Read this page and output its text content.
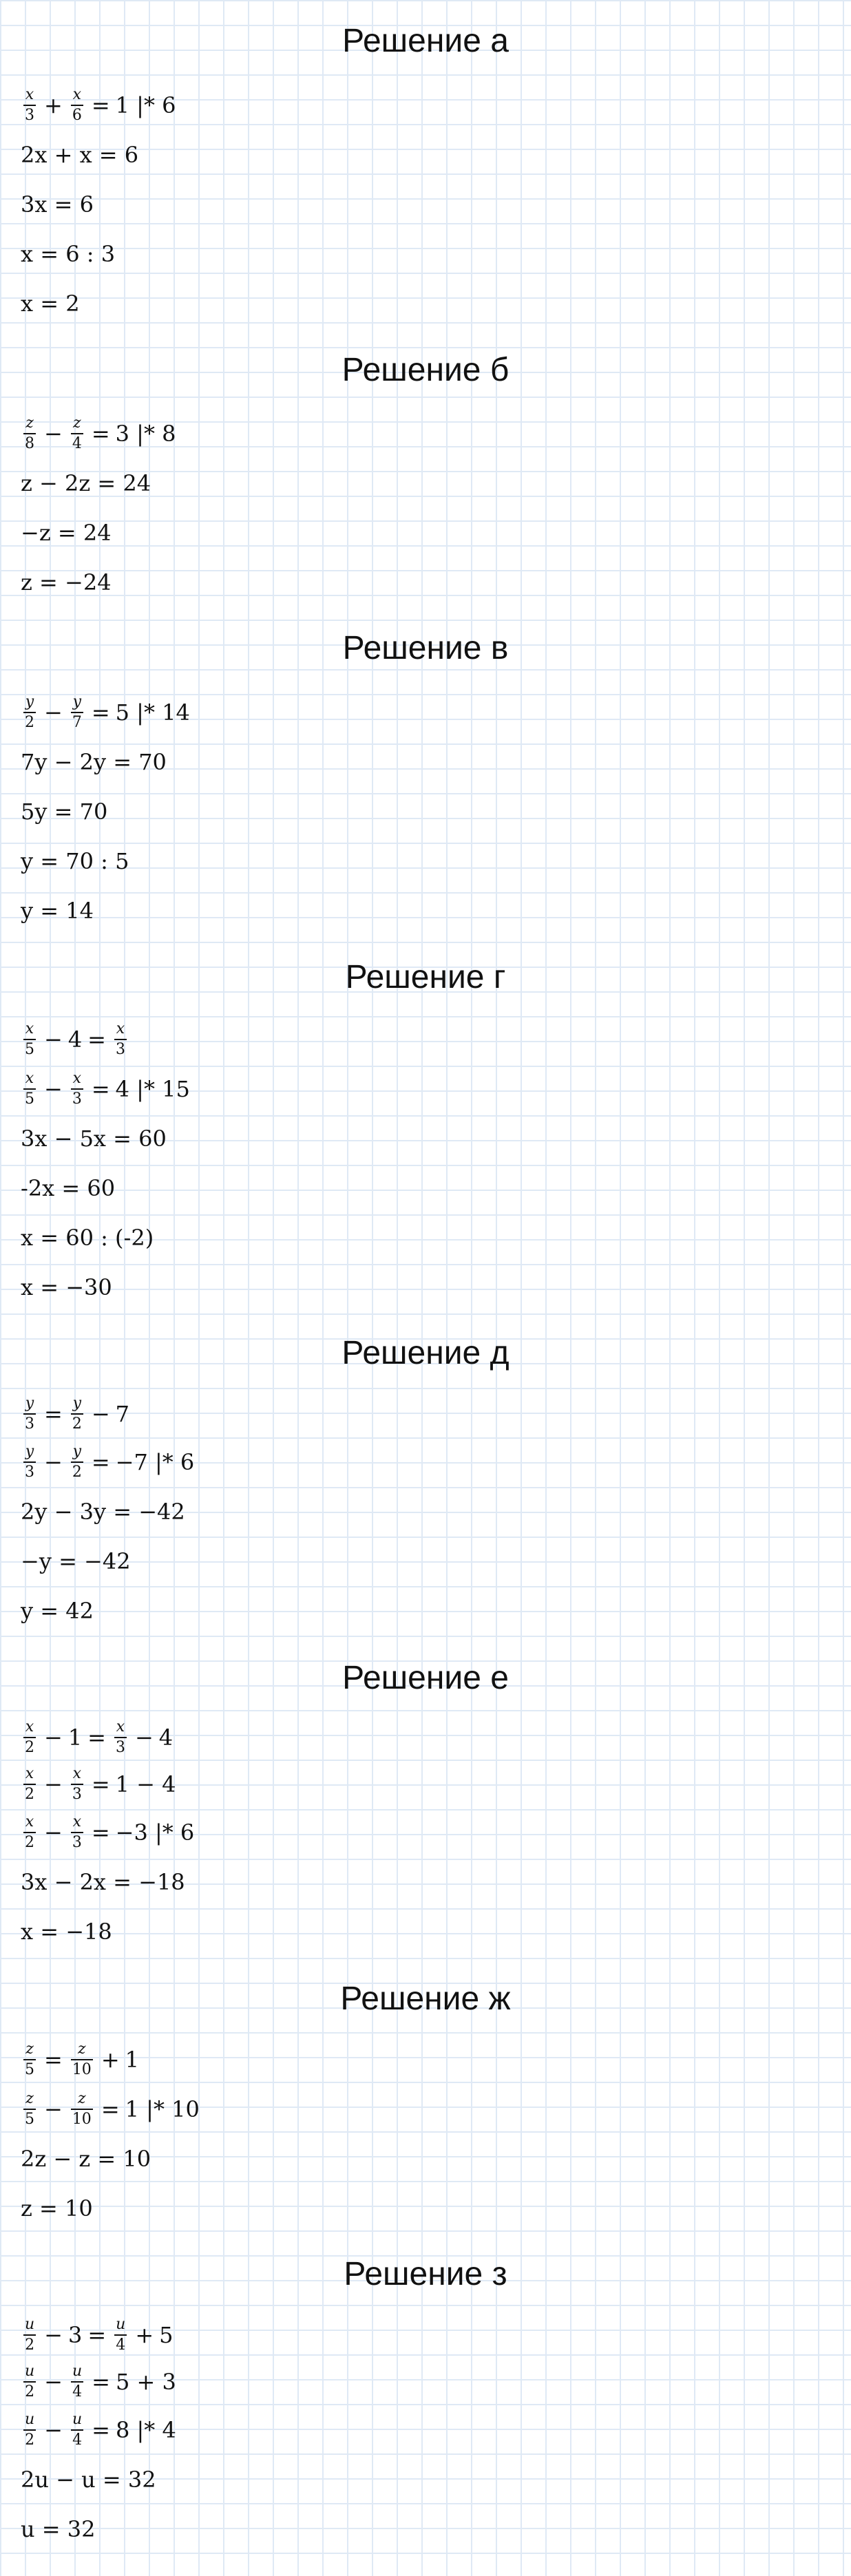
Решение а
$\frac{x}{3} + \frac{x}{6} = 1$ |* 6
2x + x = 6
3x = 6
x = 6 : 3
x = 2
Решение б
$\frac{z}{8} - \frac{z}{4} = 3$ |* 8
z − 2z = 24
−z = 24
z = −24
Решение в
$\frac{y}{2} - \frac{y}{7} = 5$ |* 14
7y − 2y = 70
5y = 70
y = 70 : 5
y = 14
Решение г
$\frac{x}{5} - 4 = \frac{x}{3}$
$\frac{x}{5} - \frac{x}{3} = 4$ |* 15
3x − 5x = 60
-2x = 60
x = 60 : (-2)
x = −30
Решение д
$\frac{y}{3} = \frac{y}{2} - 7$
$\frac{y}{3} - \frac{y}{2} = -7$ |* 6
2y − 3y = −42
−y = −42
y = 42
Решение е
$\frac{x}{2} - 1 = \frac{x}{3} - 4$
$\frac{x}{2} - \frac{x}{3} = 1 - 4$
$\frac{x}{2} - \frac{x}{3} = -3$ |* 6
3x − 2x = −18
x = −18
Решение ж
$\frac{z}{5} = \frac{z}{10} + 1$
$\frac{z}{5} - \frac{z}{10} = 1$ |* 10
2z − z = 10
z = 10
Решение з
$\frac{u}{2} - 3 = \frac{u}{4} + 5$
$\frac{u}{2} - \frac{u}{4} = 5 + 3$
$\frac{u}{2} - \frac{u}{4} = 8$ |* 4
2u − u = 32
u = 32
